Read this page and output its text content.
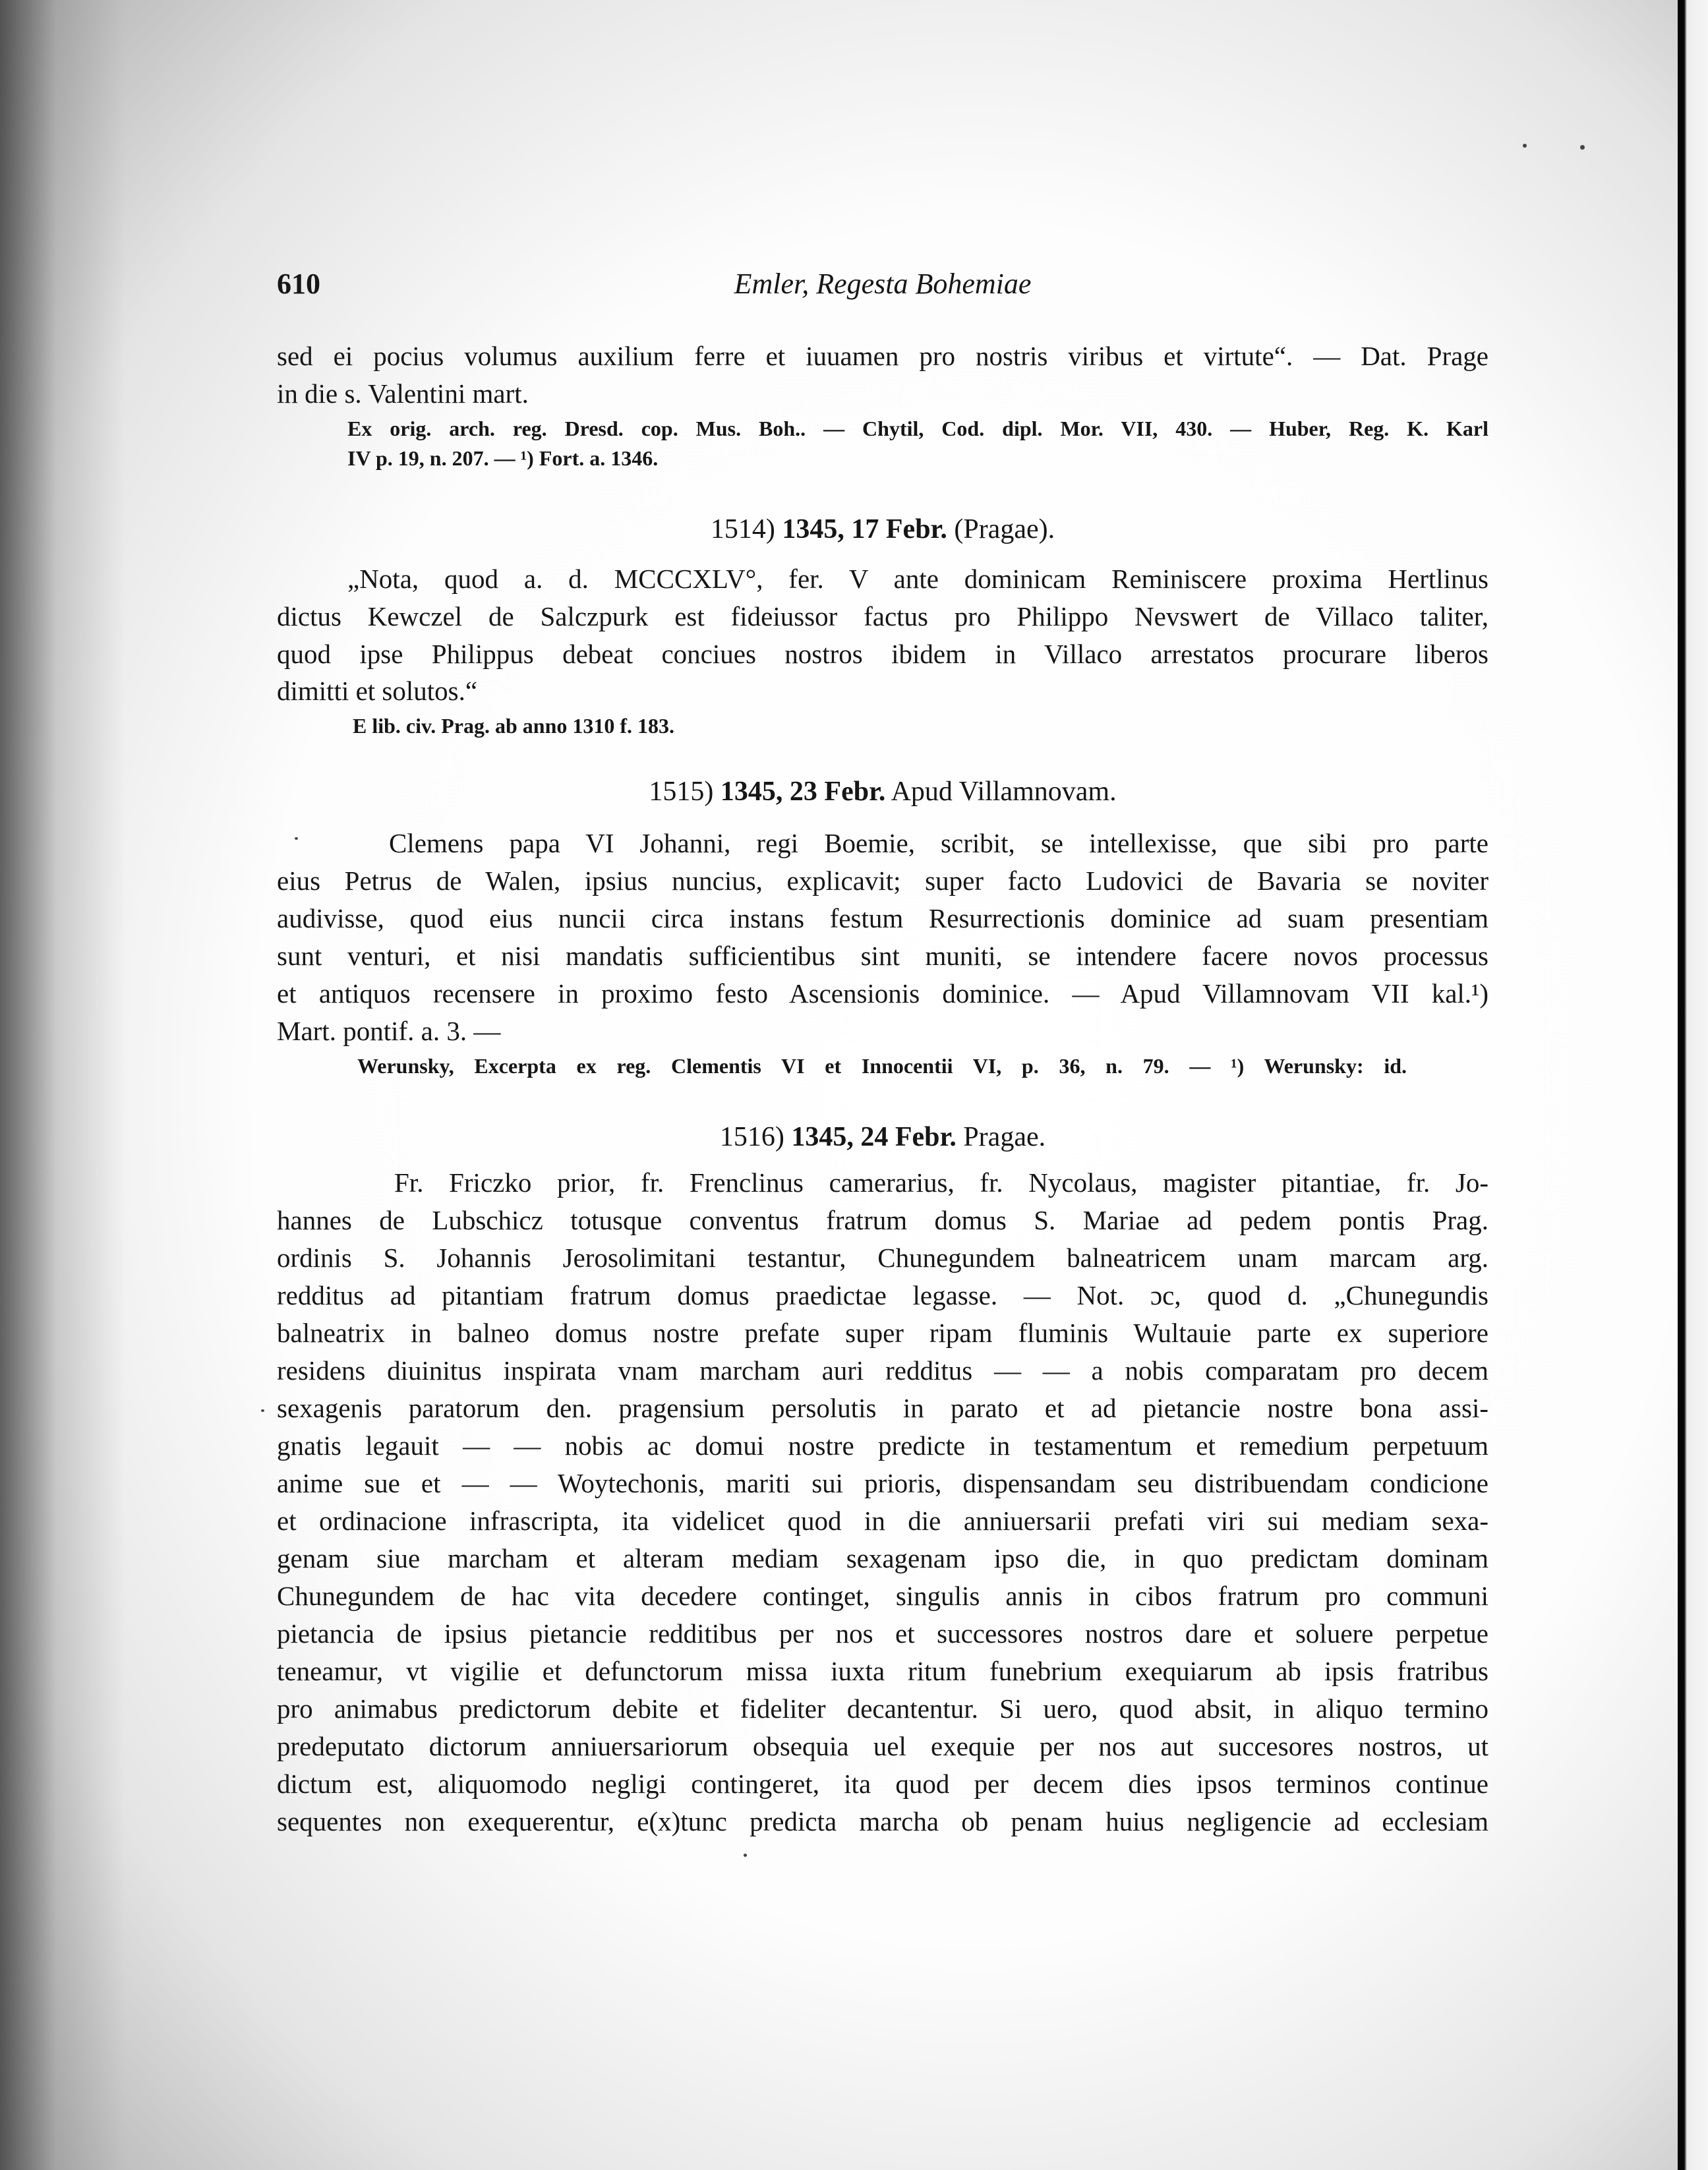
610	Emler, Regesta Bohemiae
sed ei pocius volumus auxilium ferre et iuuamen pro nostris viribus et virtute“. — Dat. Prage
in die s. Valentini mart.
Ex orig. arch. reg. Dresd. cop. Mus. Boh.. — Chytil, Cod. dipl. Mor. VII, 430. — Huber, Reg. K. Karl
IV p. 19, n. 207. — ¹) Fort. a. 1346.
1514) 1345, 17 Febr. (Pragae).
„Nota, quod a. d. MCCCXLV°, fer. V ante dominicam Reminiscere proxima Hertlinus
dictus Kewczel de Salczpurk est fideiussor factus pro Philippo Nevswert de Villaco taliter,
quod ipse Philippus debeat conciues nostros ibidem in Villaco arrestatos procurare liberos
dimitti et solutos.“
E lib. civ. Prag. ab anno 1310 f. 183.
1515) 1345, 23 Febr. Apud Villamnovam.
Clemens papa VI Johanni, regi Boemie, scribit, se intellexisse, que sibi pro parte
eius Petrus de Walen, ipsius nuncius, explicavit; super facto Ludovici de Bavaria se noviter
audivisse, quod eius nuncii circa instans festum Resurrectionis dominice ad suam presentiam
sunt venturi, et nisi mandatis sufficientibus sint muniti, se intendere facere novos processus
et antiquos recensere in proximo festo Ascensionis dominice. — Apud Villamnovam VII kal.¹)
Mart. pontif. a. 3. —
Werunsky, Excerpta ex reg. Clementis VI et Innocentii VI, p. 36, n. 79. — ¹) Werunsky: id.
1516) 1345, 24 Febr. Pragae.
Fr. Friczko prior, fr. Frenclinus camerarius, fr. Nycolaus, magister pitantiae, fr. Jo-
hannes de Lubschicz totusque conventus fratrum domus S. Mariae ad pedem pontis Prag.
ordinis S. Johannis Jerosolimitani testantur, Chunegundem balneatricem unam marcam arg.
redditus ad pitantiam fratrum domus praedictae legasse. — Not. ɔc, quod d. „Chunegundis
balneatrix in balneo domus nostre prefate super ripam fluminis Wultauie parte ex superiore
residens diuinitus inspirata vnam marcham auri redditus — — a nobis comparatam pro decem
sexagenis paratorum den. pragensium persolutis in parato et ad pietancie nostre bona assi-
gnatis legauit — — nobis ac domui nostre predicte in testamentum et remedium perpetuum
anime sue et — — Woytechonis, mariti sui prioris, dispensandam seu distribuendam condicione
et ordinacione infrascripta, ita videlicet quod in die anniuersarii prefati viri sui mediam sexa-
genam siue marcham et alteram mediam sexagenam ipso die, in quo predictam dominam
Chunegundem de hac vita decedere continget, singulis annis in cibos fratrum pro communi
pietancia de ipsius pietancie redditibus per nos et successores nostros dare et soluere perpetue
teneamur, vt vigilie et defunctorum missa iuxta ritum funebrium exequiarum ab ipsis fratribus
pro animabus predictorum debite et fideliter decantentur. Si uero, quod absit, in aliquo termino
predeputato dictorum anniuersariorum obsequia uel exequie per nos aut succesores nostros, ut
dictum est, aliquomodo negligi contingeret, ita quod per decem dies ipsos terminos continue
sequentes non exequerentur, e(x)tunc predicta marcha ob penam huius negligencie ad ecclesiam
